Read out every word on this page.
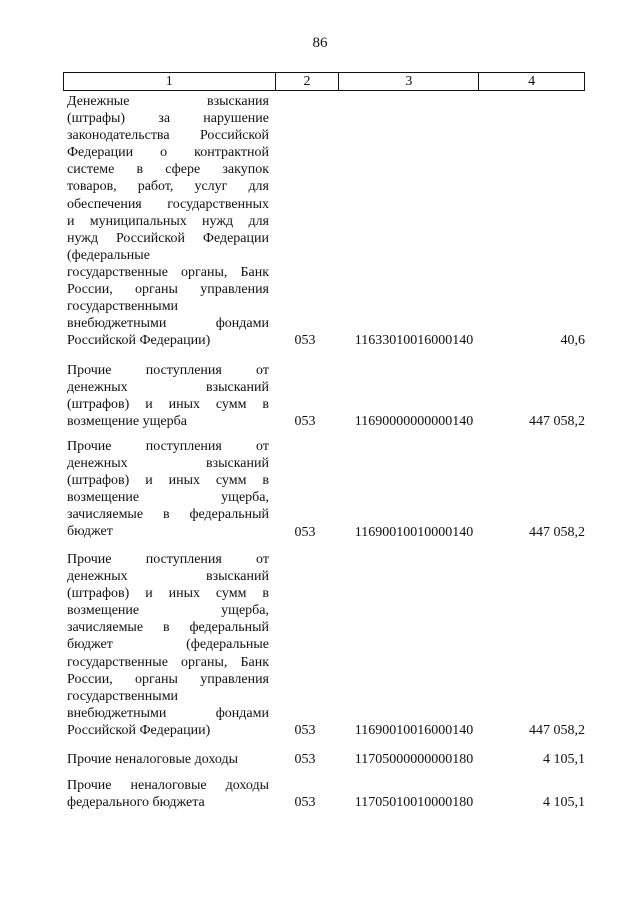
86
1	2	3	4
Денежные взыскания
(штрафы) за нарушение
законодательства Российской
Федерации о контрактной
системе в сфере закупок
товаров, работ, услуг для
обеспечения государственных
и муниципальных нужд для
нужд Российской Федерации
(федеральные
государственные органы, Банк
России, органы управления
государственными
внебюджетными фондами
Российской Федерации)	053	11633010016000140	40,6
Прочие поступления от
денежных взысканий
(штрафов) и иных сумм в
возмещение ущерба	053	11690000000000140	447 058,2
Прочие поступления от
денежных взысканий
(штрафов) и иных сумм в
возмещение ущерба,
зачисляемые в федеральный
бюджет	053	11690010010000140	447 058,2
Прочие поступления от
денежных взысканий
(штрафов) и иных сумм в
возмещение ущерба,
зачисляемые в федеральный
бюджет (федеральные
государственные органы, Банк
России, органы управления
государственными
внебюджетными фондами
Российской Федерации)	053	11690010016000140	447 058,2
Прочие неналоговые доходы	053	11705000000000180	4 105,1
Прочие неналоговые доходы
федерального бюджета	053	11705010010000180	4 105,1
